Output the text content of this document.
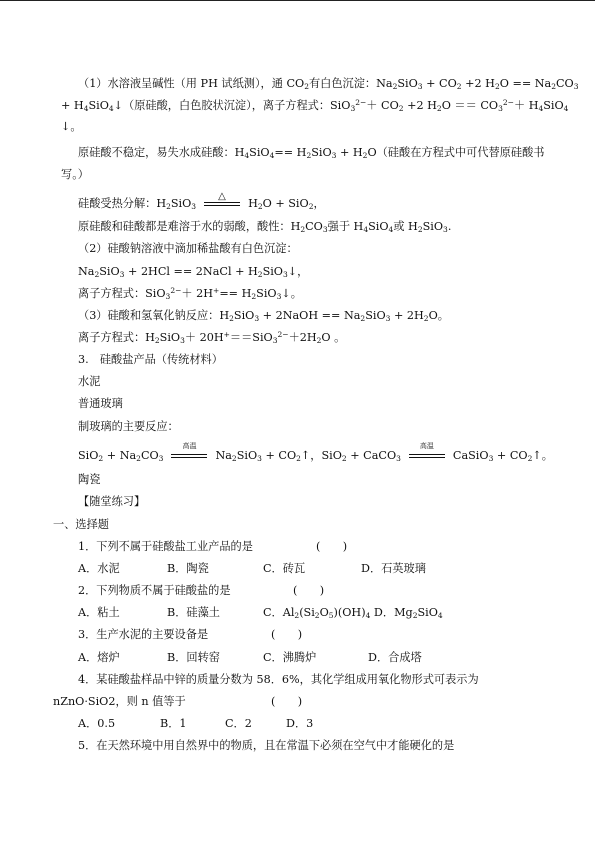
（1）水溶液呈碱性（用 PH 试纸测），通 $CO_2$有白色沉淀：$Na_2SiO_3 + CO_2 +2$ $H_2O == Na_2CO_3$
+ $H_4SiO_4↓$（原硅酸，白色胶状沉淀），离子方程式：$SiO_3^{2-}+ CO_2 +2$ $H_2O == CO_3^{2-}+ H_4SiO_4$
↓。
原硅酸不稳定，易失水成硅酸：$H_4SiO_4== H_2SiO_3 + H_2O$（硅酸在方程式中可代替原硅酸书
写。）
硅酸受热分解：$H_2SiO_3$
△
$H_2O + SiO_2$，
原硅酸和硅酸都是难溶于水的弱酸，酸性：$H_2CO_3$强于 $H_4SiO_4$或 $H_2SiO_3$.
（2）硅酸钠溶液中滴加稀盐酸有白色沉淀：
$Na_2SiO_3 + 2HCl$ == 2NaCl + $H_2SiO_3↓$，
离子方程式：$SiO_3^{2-}+ 2H^+== H_2SiO_3↓$。
（3）硅酸和氢氧化钠反应：$H_2SiO_3$ + 2NaOH == $Na_2SiO_3 + 2H_2O$。
离子方程式：$H_2SiO_3+ 20H^+==SiO_3^{2-}+2H_2O$ 。
3.　硅酸盐产品（传统材料）
水泥
普通玻璃
制玻璃的主要反应：
$SiO_2 + Na_2CO_3$
高温
$Na_2SiO_3$ + $CO_2↑$，SiO$_2$ + CaCO$_3$
高温
CaSiO$_3$ + $CO_2↑$。
陶瓷
【随堂练习】
一、选择题
1．下列不属于硅酸盐工业产品的是	(　　)
A．水泥	B．陶瓷	C．砖瓦	D．石英玻璃
2．下列物质不属于硅酸盐的是	(　　)
A．粘土	B．硅藻土	C．$Al_2(Si_2O_5)(OH)_4$ D．$Mg_2SiO_4$
3．生产水泥的主要设备是	(　　)
A．熔炉	B．回转窑	C．沸腾炉	D．合成塔
4．某硅酸盐样品中锌的质量分数为 58．6%，其化学组成用氧化物形式可表示为
nZnO·SiO2，则 n 值等于	(　　)
A．0.5	B．1	C．2	D．3
5．在天然环境中用自然界中的物质，且在常温下必须在空气中才能硬化的是
